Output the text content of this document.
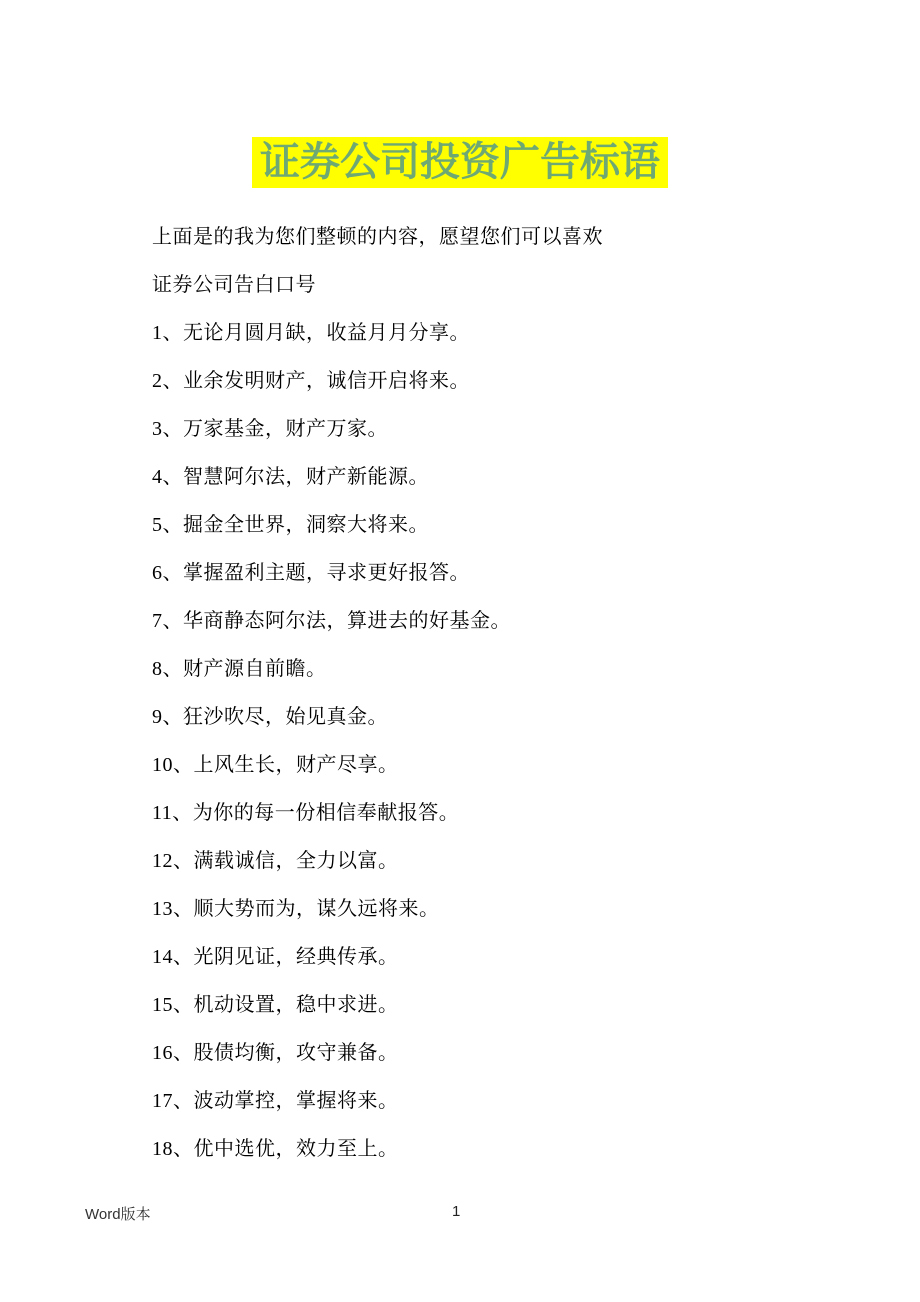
证券公司投资广告标语

上面是的我为您们整顿的内容，愿望您们可以喜欢

证券公司告白口号

1、无论月圆月缺，收益月月分享。

2、业余发明财产，诚信开启将来。

3、万家基金，财产万家。

4、智慧阿尔法，财产新能源。

5、掘金全世界，洞察大将来。

6、掌握盈利主题，寻求更好报答。

7、华商静态阿尔法，算进去的好基金。

8、财产源自前瞻。

9、狂沙吹尽，始见真金。

10、上风生长，财产尽享。

11、为你的每一份相信奉献报答。

12、满载诚信，全力以富。

13、顺大势而为，谋久远将来。

14、光阴见证，经典传承。

15、机动设置，稳中求进。

16、股债均衡，攻守兼备。

17、波动掌控，掌握将来。

18、优中选优，效力至上。

Word版本	1
